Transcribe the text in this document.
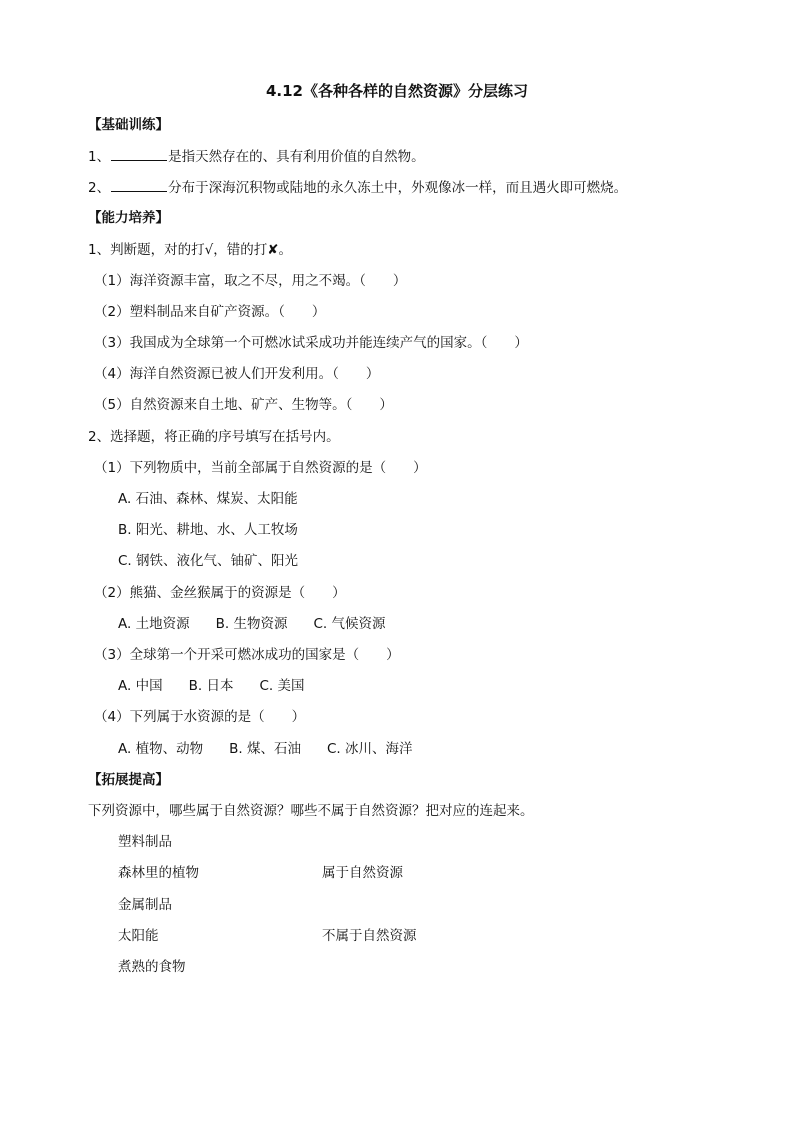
4.12《各种各样的自然资源》分层练习
【基础训练】
1、	是指天然存在的、具有利用价值的自然物。
2、	分布于深海沉积物或陆地的永久冻土中，外观像冰一样，而且遇火即可燃烧。
【能力培养】
1、判断题，对的打√，错的打✘。
（1）海洋资源丰富，取之不尽，用之不竭。（　　）
（2）塑料制品来自矿产资源。（　　）
（3）我国成为全球第一个可燃冰试采成功并能连续产气的国家。（　　）
（4）海洋自然资源已被人们开发利用。（　　）
（5）自然资源来自土地、矿产、生物等。（　　）
2、选择题，将正确的序号填写在括号内。
（1）下列物质中，当前全部属于自然资源的是（　　）
A. 石油、森林、煤炭、太阳能
B. 阳光、耕地、水、人工牧场
C. 钢铁、液化气、铀矿、阳光
（2）熊猫、金丝猴属于的资源是（　　）
A. 土地资源 B. 生物资源 C. 气候资源
（3）全球第一个开采可燃冰成功的国家是（　　）
A. 中国 B. 日本 C. 美国
（4）下列属于水资源的是（　　）
A. 植物、动物 B. 煤、石油 C. 冰川、海洋
【拓展提高】
下列资源中，哪些属于自然资源？哪些不属于自然资源？把对应的连起来。
塑料制品
森林里的植物	属于自然资源
金属制品
太阳能	不属于自然资源
煮熟的食物
